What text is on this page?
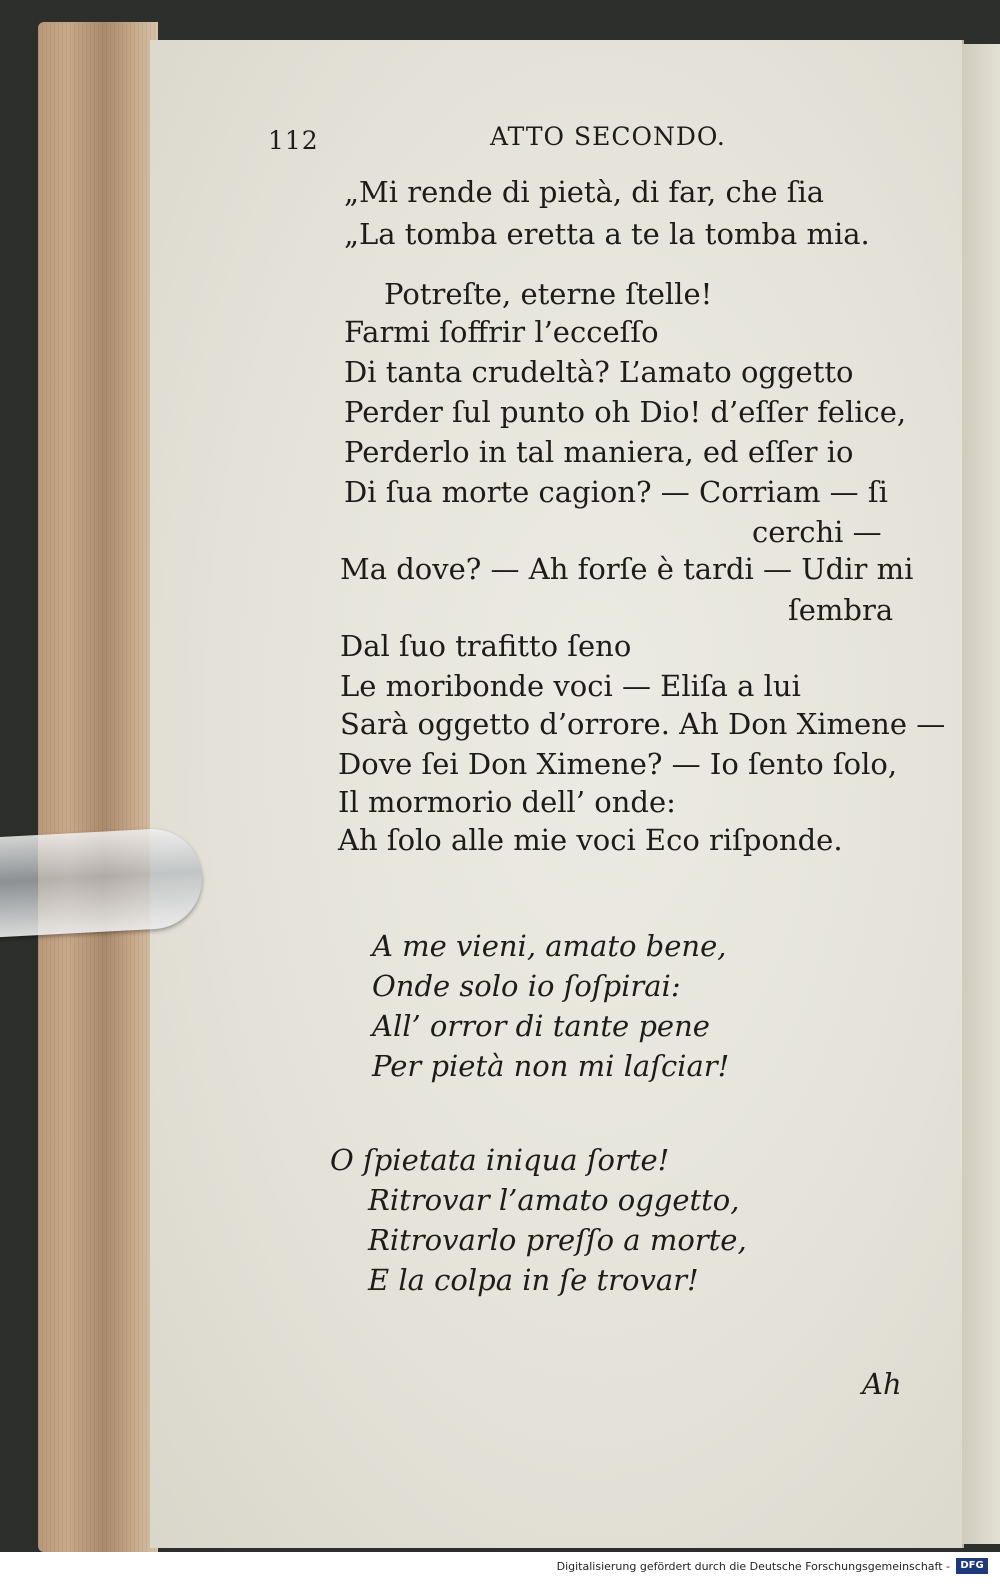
112	ATTO SECONDO.
„Mi rende di pietà, di far, che ſia
„La tomba eretta a te la tomba mia.
Potreſte, eterne ſtelle!
Farmi ſoffrir l’ecceſſo
Di tanta crudeltà? L’amato oggetto
Perder ſul punto oh Dio! d’eſſer felice,
Perderlo in tal maniera, ed eſſer io
Di ſua morte cagion? — Corriam — ſi
cerchi —
Ma dove? — Ah forſe è tardi — Udir mi
ſembra
Dal ſuo trafitto ſeno
Le moribonde voci — Eliſa a lui
Sarà oggetto d’orrore. Ah Don Ximene —
Dove ſei Don Ximene? — Io ſento ſolo,
Il mormorio dell’ onde:
Ah ſolo alle mie voci Eco riſponde.
A me vieni, amato bene,
Onde solo io ſoſpirai:
All’ orror di tante pene
Per pietà non mi laſciar!
O ſpietata iniqua ſorte!
Ritrovar l’amato oggetto,
Ritrovarlo preſſo a morte,
E la colpa in ſe trovar!
Ah
Digitalisierung gefördert durch die Deutsche Forschungsgemeinschaft -	DFG
